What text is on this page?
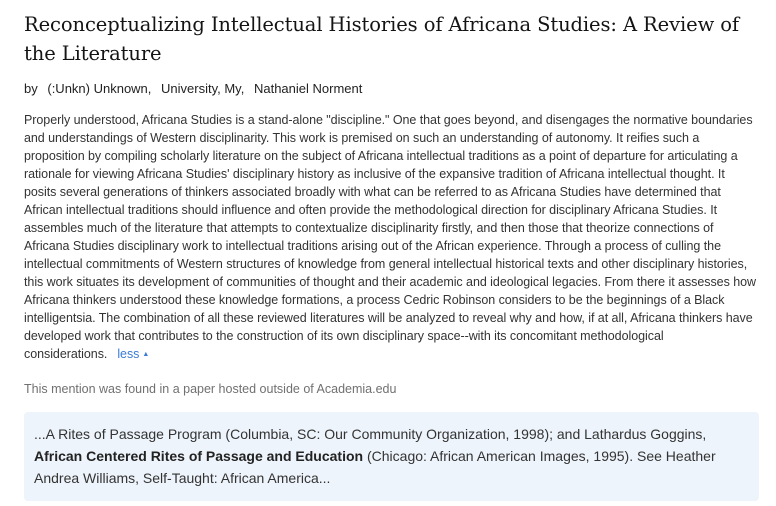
Reconceptualizing Intellectual Histories of Africana Studies: A Review of the Literature
by (:Unkn) Unknown, University, My, Nathaniel Norment
Properly understood, Africana Studies is a stand-alone "discipline." One that goes beyond, and disengages the normative boundaries and understandings of Western disciplinarity. This work is premised on such an understanding of autonomy. It reifies such a proposition by compiling scholarly literature on the subject of Africana intellectual traditions as a point of departure for articulating a rationale for viewing Africana Studies' disciplinary history as inclusive of the expansive tradition of Africana intellectual thought. It posits several generations of thinkers associated broadly with what can be referred to as Africana Studies have determined that African intellectual traditions should influence and often provide the methodological direction for disciplinary Africana Studies. It assembles much of the literature that attempts to contextualize disciplinarity firstly, and then those that theorize connections of Africana Studies disciplinary work to intellectual traditions arising out of the African experience. Through a process of culling the intellectual commitments of Western structures of knowledge from general intellectual historical texts and other disciplinary histories, this work situates its development of communities of thought and their academic and ideological legacies. From there it assesses how Africana thinkers understood these knowledge formations, a process Cedric Robinson considers to be the beginnings of a Black intelligentsia. The combination of all these reviewed literatures will be analyzed to reveal why and how, if at all, Africana thinkers have developed work that contributes to the construction of its own disciplinary space--with its concomitant methodological considerations. less ▲
This mention was found in a paper hosted outside of Academia.edu
...A Rites of Passage Program (Columbia, SC: Our Community Organization, 1998); and Lathardus Goggins, African Centered Rites of Passage and Education (Chicago: African American Images, 1995). See Heather Andrea Williams, Self-Taught: African America...
